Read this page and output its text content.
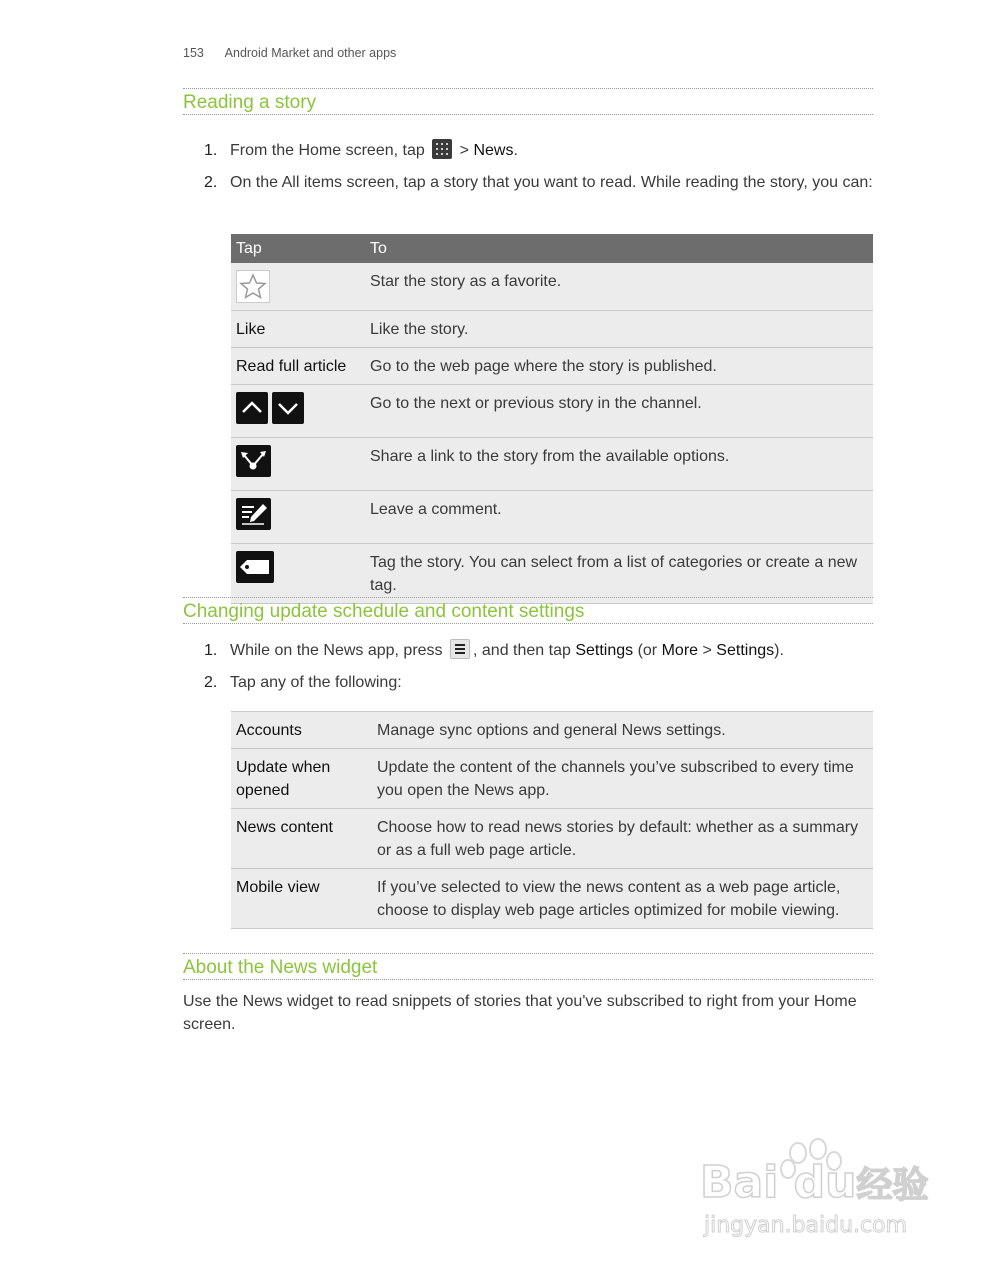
153 Android Market and other apps
Reading a story
1. From the Home screen, tap > News.
2. On the All items screen, tap a story that you want to read. While reading the story, you can:
Tap	To
	Star the story as a favorite.
Like	Like the story.
Read full article	Go to the web page where the story is published.
	Go to the next or previous story in the channel.
	Share a link to the story from the available options.
	Leave a comment.
	Tag the story. You can select from a list of categories or create a new tag.
Changing update schedule and content settings
1. While on the News app, press , and then tap Settings (or More > Settings).
2. Tap any of the following:
Accounts	Manage sync options and general News settings.
Update when opened	Update the content of the channels you’ve subscribed to every time you open the News app.
News content	Choose how to read news stories by default: whether as a summary or as a full web page article.
Mobile view	If you’ve selected to view the news content as a web page article, choose to display web page articles optimized for mobile viewing.
About the News widget

Use the News widget to read snippets of stories that you've subscribed to right from your Home screen.

Bai du经验
jingyan.baidu.com
